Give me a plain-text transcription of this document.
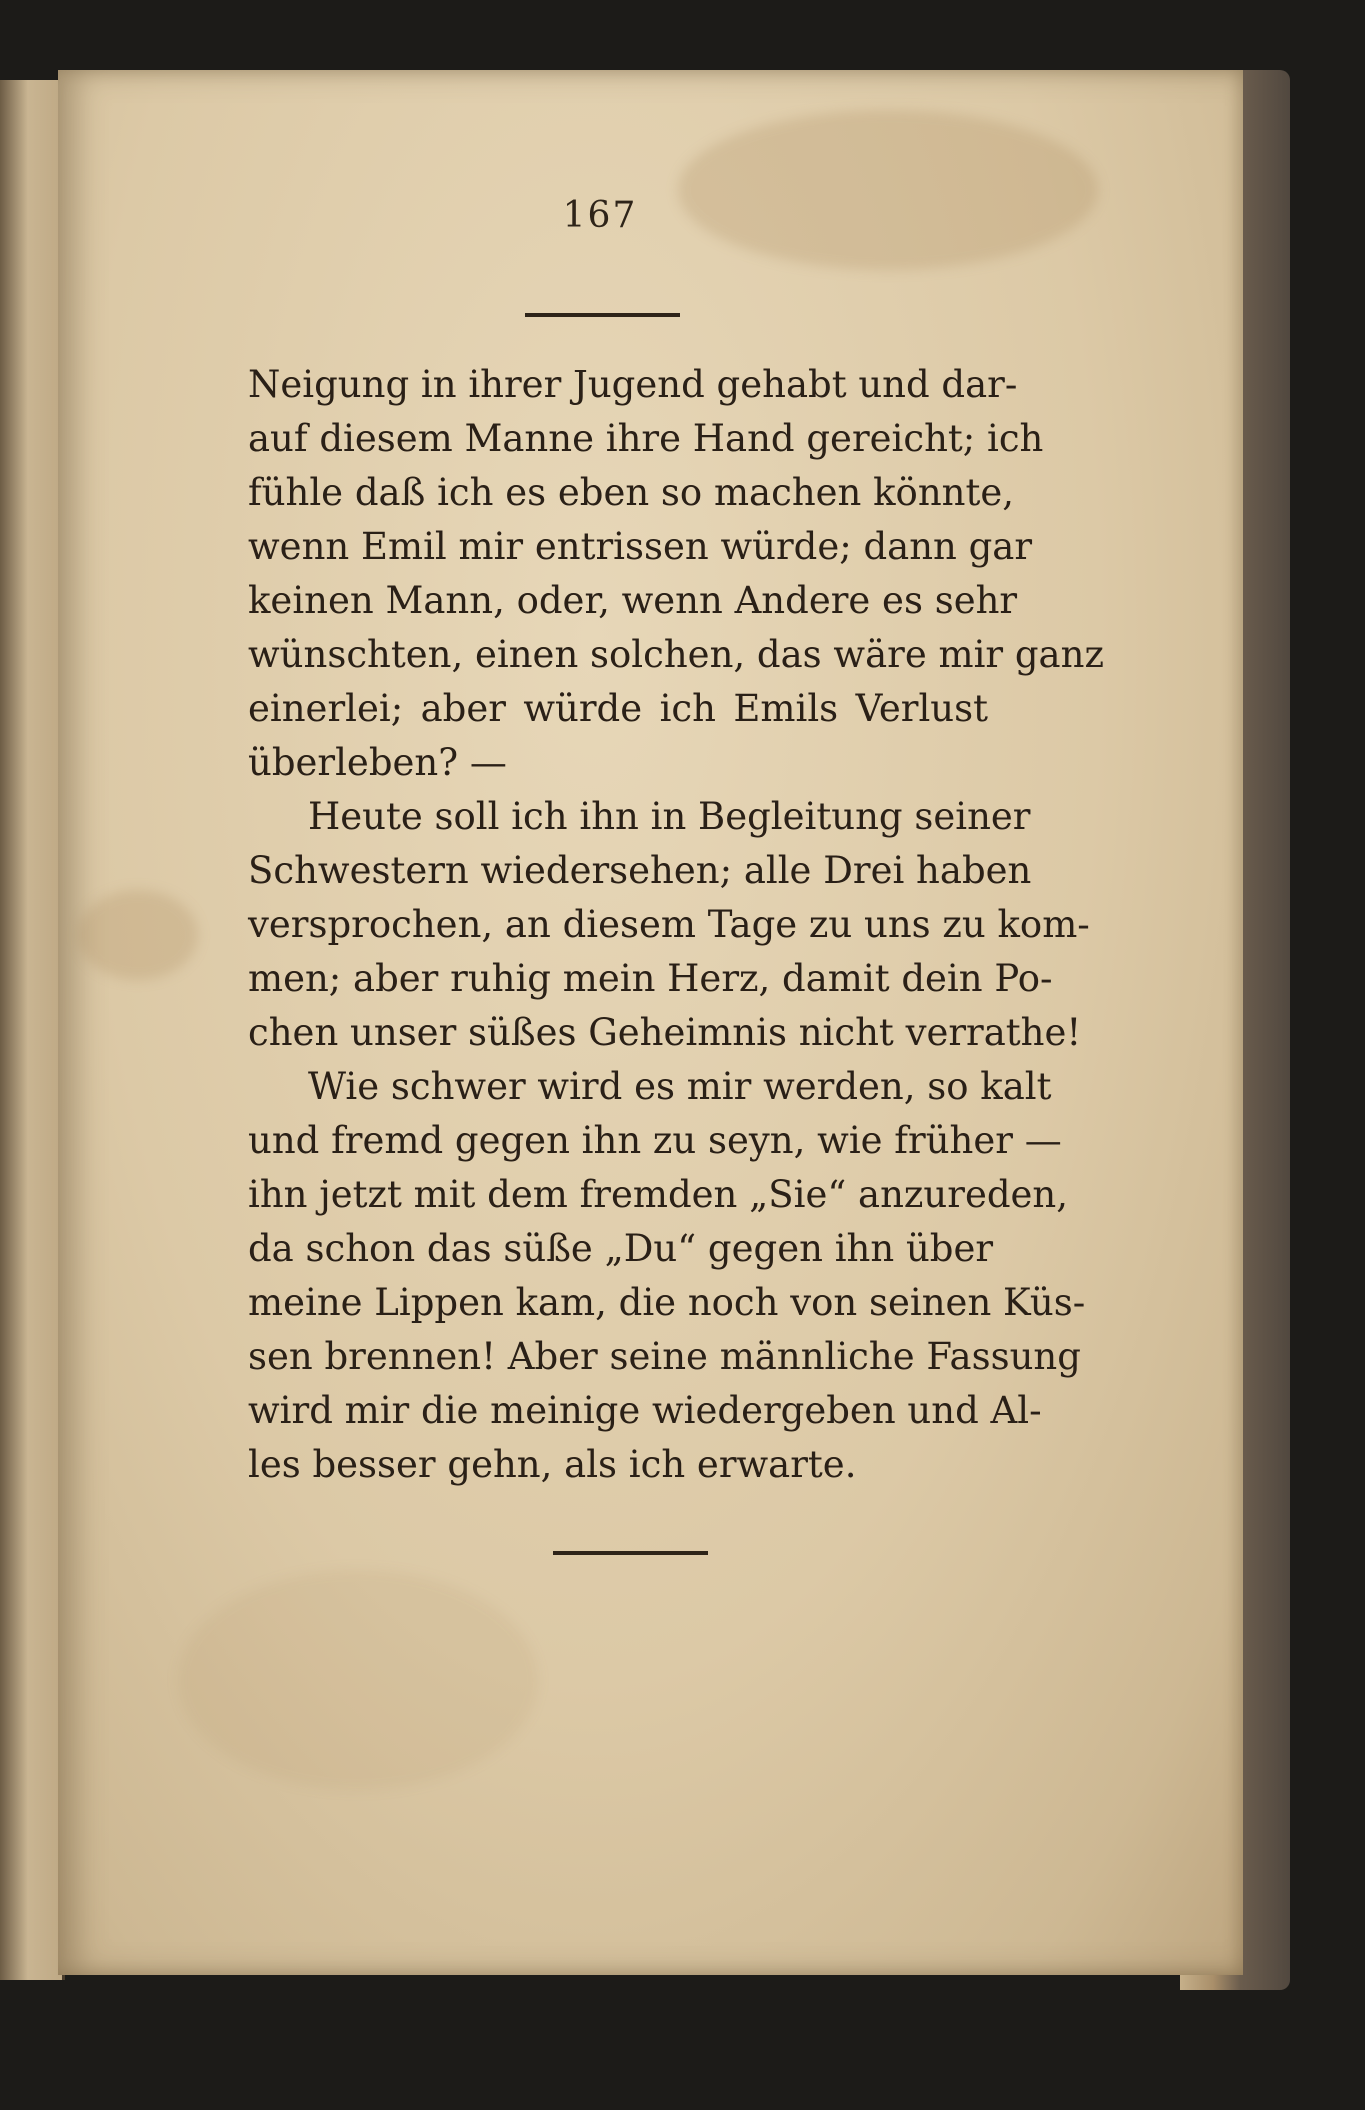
167
Neigung in ihrer Jugend gehabt und dar-
auf diesem Manne ihre Hand gereicht; ich
fühle daß ich es eben so machen könnte,
wenn Emil mir entrissen würde; dann gar
keinen Mann, oder, wenn Andere es sehr
wünschten, einen solchen, das wäre mir ganz
einerlei; aber würde ich Emils Verlust
überleben? —
Heute soll ich ihn in Begleitung seiner
Schwestern wiedersehen; alle Drei haben
versprochen, an diesem Tage zu uns zu kom-
men; aber ruhig mein Herz, damit dein Po-
chen unser süßes Geheimnis nicht verrathe!
Wie schwer wird es mir werden, so kalt
und fremd gegen ihn zu seyn, wie früher —
ihn jetzt mit dem fremden „Sie“ anzureden,
da schon das süße „Du“ gegen ihn über
meine Lippen kam, die noch von seinen Küs-
sen brennen! Aber seine männliche Fassung
wird mir die meinige wiedergeben und Al-
les besser gehn, als ich erwarte.
